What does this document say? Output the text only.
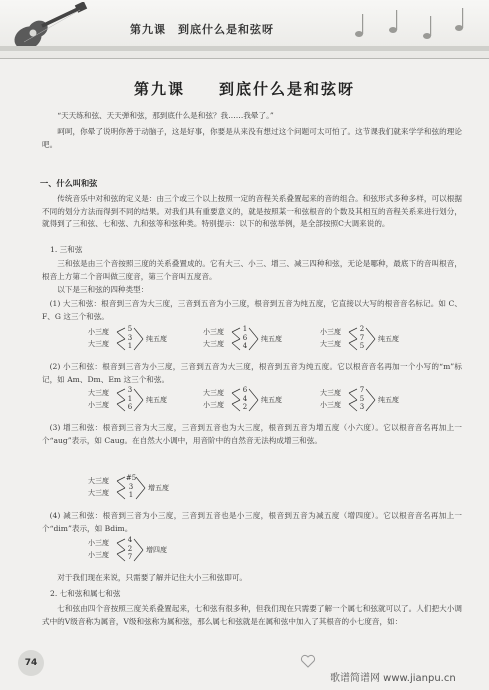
第九课　到底什么是和弦呀
第九课　　到底什么是和弦呀
“天天练和弦、天天弹和弦，那到底什么是和弦？我……我晕了。”
呵呵，你晕了说明你善于动脑子，这是好事，你要是从来没有想过这个问题可太可怕了。这节课我们就来学学和弦的理论吧。
一、什么叫和弦
传统音乐中对和弦的定义是：由三个或三个以上按照一定的音程关系叠置起来的音的组合。和弦形式多种多样，可以根据不同的划分方法而得到不同的结果。对我们具有重要意义的，就是按照某一和弦根音的个数及其相互的音程关系来进行划分，就得到了三和弦、七和弦、九和弦等和弦种类。特别提示：以下的和弦举例，是全部按照C大调来说的。
1. 三和弦
三和弦是由三个音按照三度的关系叠置成的。它有大三、小三、增三、减三四种和弦，无论是哪种，最底下的音叫根音，根音上方第二个音叫做三度音，第三个音叫五度音。
以下是三和弦的四种类型：
(1) 大三和弦：根音到三音为大三度，三音到五音为小三度，根音到五音为纯五度，它直接以大写的根音音名标记。如 C、F、G 这三个和弦。
小三度
大三度
5
3
1
纯五度
小三度
大三度
1
6
4
纯五度
小三度
大三度
2
7
5
纯五度
(2) 小三和弦：根音到三音为小三度，三音到五音为大三度，根音到五音为纯五度。它以根音音名再加一个小写的“m”标记，如 Am、Dm、Em 这三个和弦。
大三度
小三度
3
1
6
纯五度
大三度
小三度
6
4
2
纯五度
大三度
小三度
7
5
3
纯五度
(3) 增三和弦：根音到三音为大三度，三音到五音也为大三度，根音到五音为增五度（小六度）。它以根音音名再加上一个“aug”表示，如 Caug。在自然大小调中，用音阶中的自然音无法构成增三和弦。
大三度
大三度
#5
3
1
增五度
(4) 减三和弦：根音到三音为小三度，三音到五音也是小三度，根音到五音为减五度（增四度）。它以根音音名再加上一个“dim”表示，如 Bdim。
小三度
小三度
4
2
7
增四度
对于我们现在来说，只需要了解并记住大小三和弦即可。
2. 七和弦和属七和弦
七和弦由四个音按照三度关系叠置起来，七和弦有很多种，但我们现在只需要了解一个属七和弦就可以了。人们把大小调式中的Ⅴ级音称为属音，Ⅴ级和弦称为属和弦，那么属七和弦就是在属和弦中加入了其根音的小七度音，如：
74
歌谱简谱网 www.jianpu.cn
